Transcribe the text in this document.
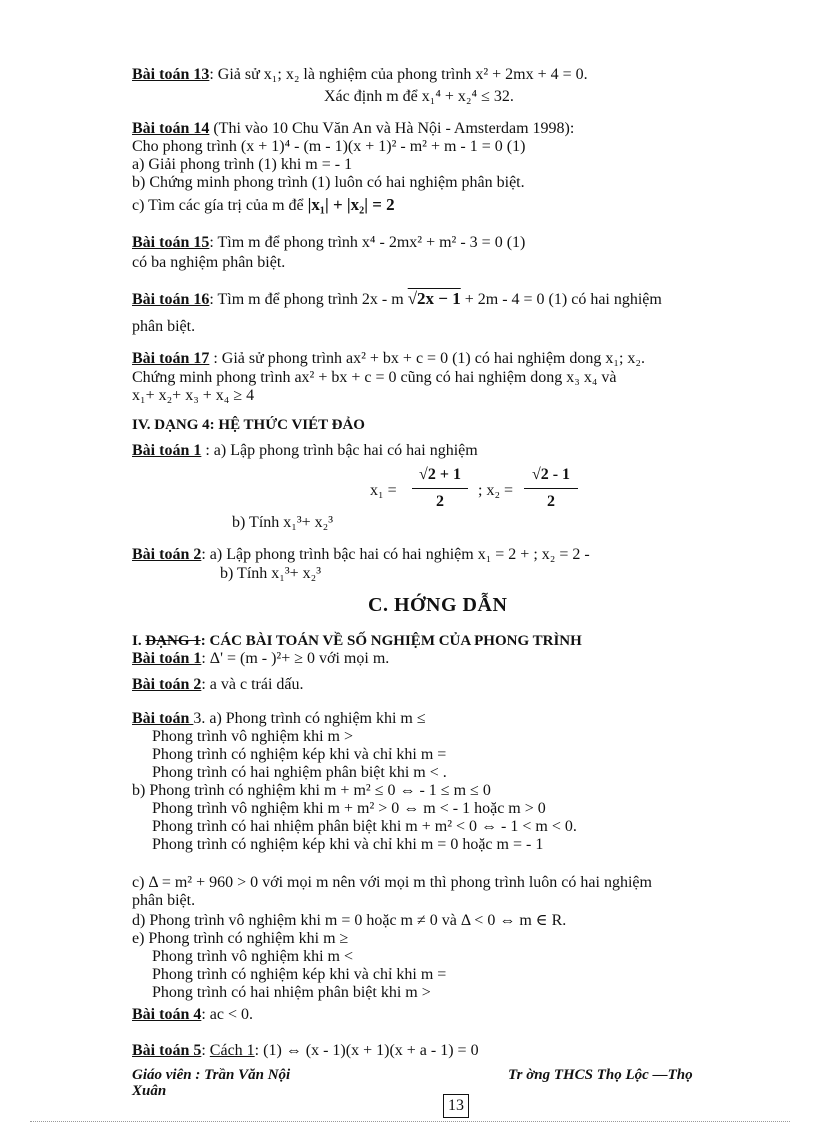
Bài toán 13: Giả sử x₁; x₂ là nghiệm của phong trình x² + 2mx + 4 = 0.
Xác định m để x₁⁴ + x₂⁴ ≤ 32.
Bài toán 14 (Thi vào 10 Chu Văn An và Hà Nội - Amsterdam 1998):
Cho phong trình (x + 1)⁴ - (m - 1)(x + 1)² - m² + m - 1 = 0 (1)
a) Giải phong trình (1) khi m = - 1
b) Chứng minh phong trình (1) luôn có hai nghiệm phân biệt.
c) Tìm các gía trị của m để |x₁| + |x₂| = 2
Bài toán 15: Tìm m để phong trình x⁴ - 2mx² + m² - 3 = 0 (1)
có ba nghiệm phân biệt.
Bài toán 16: Tìm m để phong trình 2x - m √2x − 1 + 2m - 4 = 0 (1) có hai nghiệm
phân biệt.
Bài toán 17 : Giả sử phong trình ax² + bx + c = 0 (1) có hai nghiệm dong x₁; x₂.
Chứng minh phong trình ax² + bx + c = 0 cũng có hai nghiệm dong x₃ x₄ và
x₁+ x₂+ x₃ + x₄ ≥ 4
IV. DẠNG 4: HỆ THỨC VIÉT ĐẢO
Bài toán 1 : a) Lập phong trình bậc hai có hai nghiệm
x₁ =
√2 + 1
2
; x₂ =
√2 - 1
2
b) Tính x₁³+ x₂³
Bài toán 2: a) Lập phong trình bậc hai có hai nghiệm x₁ = 2 + ; x₂ = 2 -
b) Tính x₁³+ x₂³
C. HỚNG DẪN
I. DẠNG 1: CÁC BÀI TOÁN VỀ SỐ NGHIỆM CỦA PHONG TRÌNH
Bài toán 1: Δ' = (m - )²+ ≥ 0 với mọi m.
Bài toán 2: a và c trái dấu.
Bài toán 3. a) Phong trình có nghiệm khi m ≤
Phong trình vô nghiệm khi m >
Phong trình có nghiệm kép khi và chỉ khi m =
Phong trình có hai nghiệm phân biệt khi m < .
b) Phong trình có nghiệm khi m + m² ≤ 0 ⇔ - 1 ≤ m ≤ 0
Phong trình vô nghiệm khi m + m² > 0 ⇔ m < - 1 hoặc m > 0
Phong trình có hai nhiệm phân biệt khi m + m² < 0 ⇔ - 1 < m < 0.
Phong trình có nghiệm kép khi và chỉ khi m = 0 hoặc m = - 1
c) Δ = m² + 960 > 0 với mọi m nên với mọi m thì phong trình luôn có hai nghiệm
phân biệt.
d) Phong trình vô nghiệm khi m = 0 hoặc m ≠ 0 và Δ < 0 ⇔ m ∈ R.
e) Phong trình có nghiệm khi m ≥
Phong trình vô nghiệm khi m <
Phong trình có nghiệm kép khi và chỉ khi m =
Phong trình có hai nhiệm phân biệt khi m >
Bài toán 4: ac < 0.
Bài toán 5: Cách 1: (1) ⇔ (x - 1)(x + 1)(x + a - 1) = 0
Giáo viên : Trần Văn Nội
Xuân
Tr ờng THCS Thọ Lộc —Thọ
13
